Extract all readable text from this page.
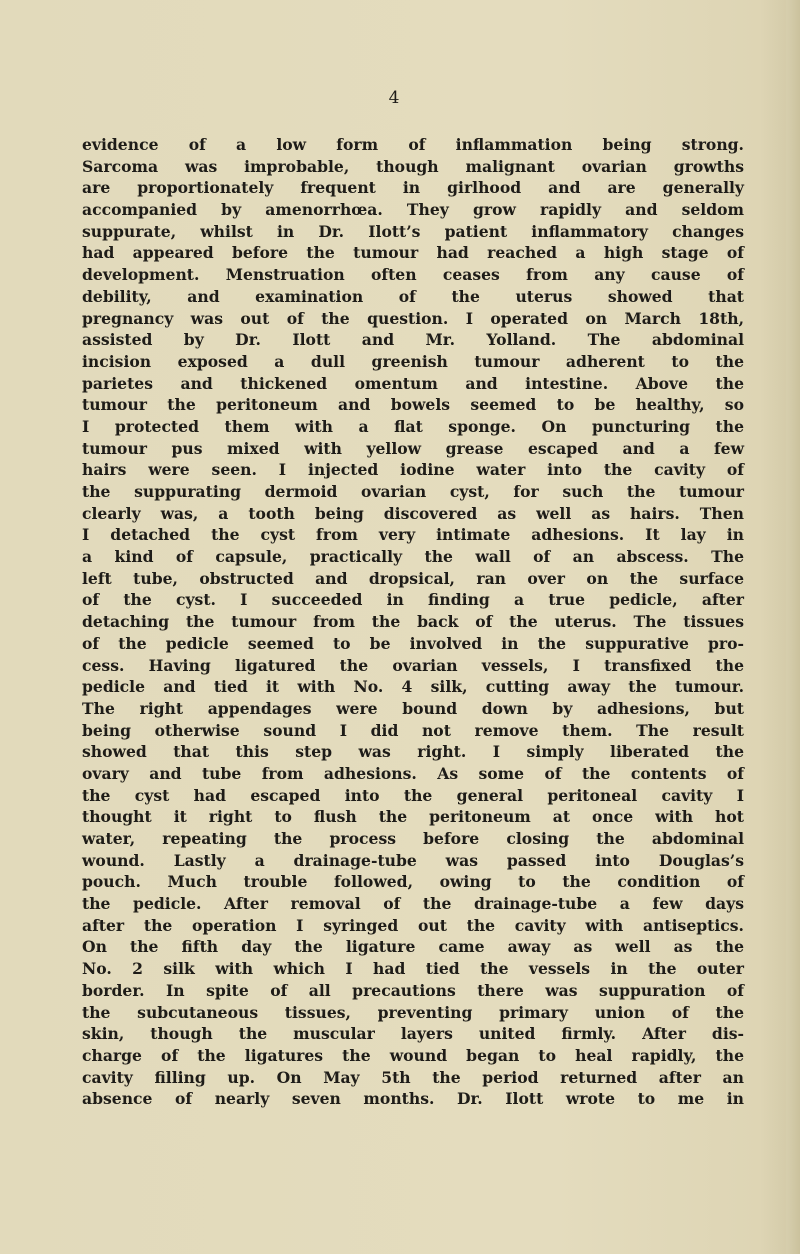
4
evidence of a low form of inflammation being strong.
Sarcoma was improbable, though malignant ovarian growths
are proportionately frequent in girlhood and are generally
accompanied by amenorrhœa. They grow rapidly and seldom
suppurate, whilst in Dr. Ilott’s patient inflammatory changes
had appeared before the tumour had reached a high stage of
development. Menstruation often ceases from any cause of
debility, and examination of the uterus showed that
pregnancy was out of the question. I operated on March 18th,
assisted by Dr. Ilott and Mr. Yolland. The abdominal
incision exposed a dull greenish tumour adherent to the
parietes and thickened omentum and intestine. Above the
tumour the peritoneum and bowels seemed to be healthy, so
I protected them with a flat sponge. On puncturing the
tumour pus mixed with yellow grease escaped and a few
hairs were seen. I injected iodine water into the cavity of
the suppurating dermoid ovarian cyst, for such the tumour
clearly was, a tooth being discovered as well as hairs. Then
I detached the cyst from very intimate adhesions. It lay in
a kind of capsule, practically the wall of an abscess. The
left tube, obstructed and dropsical, ran over on the surface
of the cyst. I succeeded in finding a true pedicle, after
detaching the tumour from the back of the uterus. The tissues
of the pedicle seemed to be involved in the suppurative pro-
cess. Having ligatured the ovarian vessels, I transfixed the
pedicle and tied it with No. 4 silk, cutting away the tumour.
The right appendages were bound down by adhesions, but
being otherwise sound I did not remove them. The result
showed that this step was right. I simply liberated the
ovary and tube from adhesions. As some of the contents of
the cyst had escaped into the general peritoneal cavity I
thought it right to flush the peritoneum at once with hot
water, repeating the process before closing the abdominal
wound. Lastly a drainage-tube was passed into Douglas’s
pouch. Much trouble followed, owing to the condition of
the pedicle. After removal of the drainage-tube a few days
after the operation I syringed out the cavity with antiseptics.
On the fifth day the ligature came away as well as the
No. 2 silk with which I had tied the vessels in the outer
border. In spite of all precautions there was suppuration of
the subcutaneous tissues, preventing primary union of the
skin, though the muscular layers united firmly. After dis-
charge of the ligatures the wound began to heal rapidly, the
cavity filling up. On May 5th the period returned after an
absence of nearly seven months. Dr. Ilott wrote to me in
